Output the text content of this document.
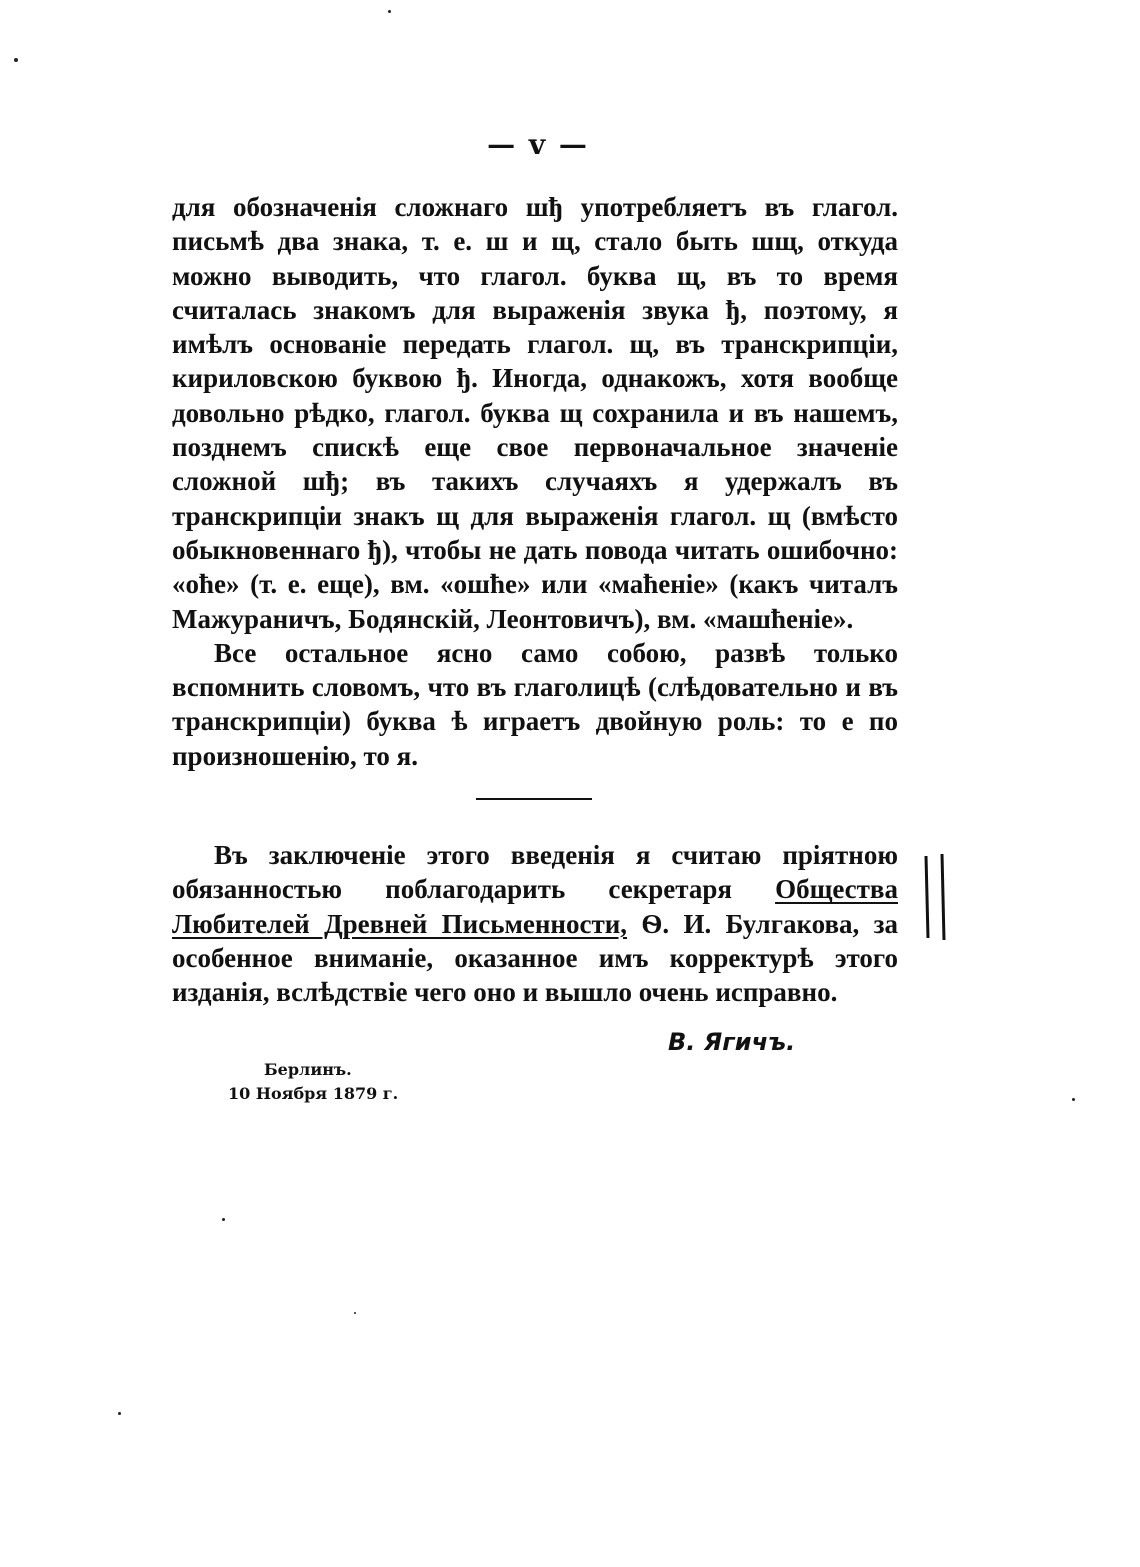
— v —

для обозначенія сложнаго шђ употребляетъ въ глагол. письмѣ два знака, т. е. ш и щ, стало быть шщ, откуда можно выводить, что глагол. буква щ, въ то время считалась знакомъ для выраженія звука ђ, поэтому, я имѣлъ основаніе передать глагол. щ, въ транскрипціи, кириловскою буквою ђ. Иногда, однакожъ, хотя вообще довольно рѣдко, глагол. буква щ сохранила и въ нашемъ, позднемъ спискѣ еще свое первоначальное значеніе сложной шђ; въ такихъ случаяхъ я удержалъ въ транскрипціи знакъ щ для выраженія глагол. щ (вмѣсто обыкновеннаго ђ), чтобы не дать повода читать ошибочно: «оћe» (т. е. еще), вм. «ошће» или «маћеніе» (какъ читалъ Мажураничъ, Бодянскій, Леонтовичъ), вм. «машћеніе».

Все остальное ясно само собою, развѣ только вспомнить словомъ, что въ глаголицѣ (слѣдовательно и въ транскрипціи) буква ѣ играетъ двойную роль: то е по произношенію, то я.

Въ заключеніе этого введенія я считаю пріятною обязанностью поблагодарить секретаря Общества Любителей Древней Письменности, Ѳ. И. Булгакова, за особенное вниманіе, оказанное имъ корректурѣ этого изданія, вслѣдствіе чего оно и вышло очень исправно.

В. Ягичъ.
Берлинъ.
10 Ноября 1879 г.
